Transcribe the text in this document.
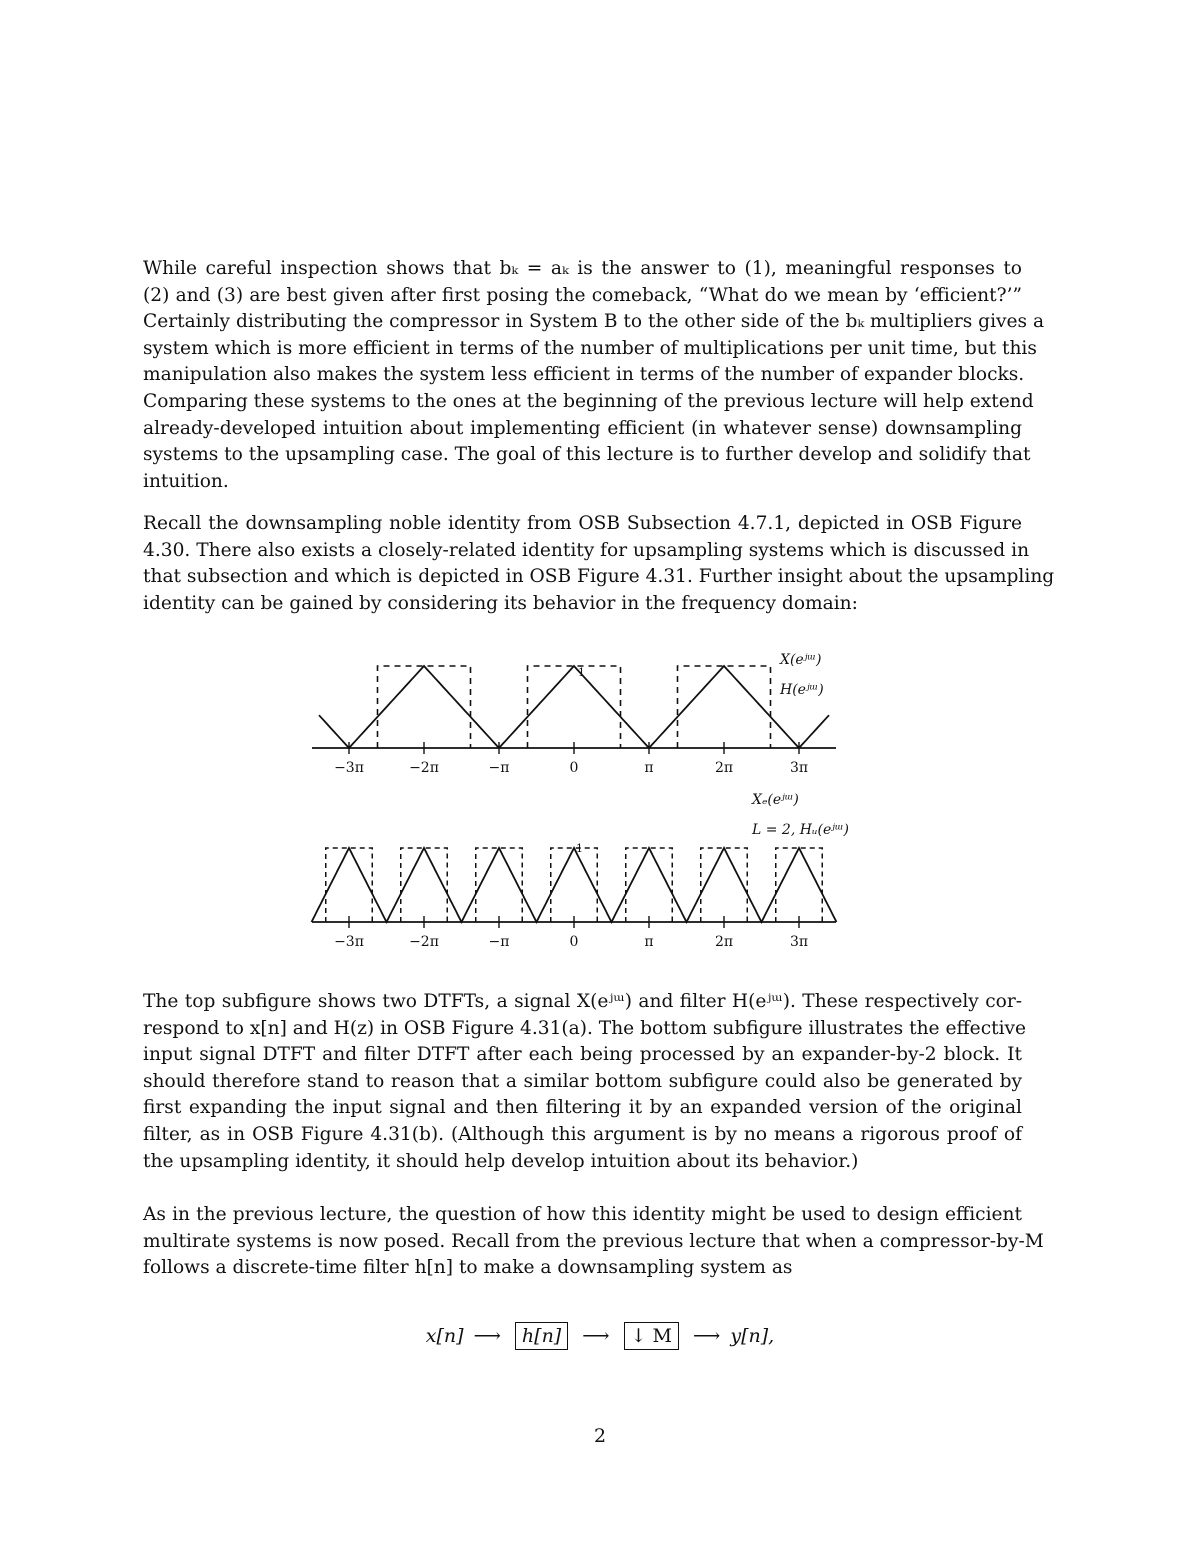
While careful inspection shows that bₖ = aₖ is the answer to (1), meaningful responses to
(2) and (3) are best given after first posing the comeback, “What do we mean by ‘efficient?’”
Certainly distributing the compressor in System B to the other side of the bₖ multipliers gives a
system which is more efficient in terms of the number of multiplications per unit time, but this
manipulation also makes the system less efficient in terms of the number of expander blocks.
Comparing these systems to the ones at the beginning of the previous lecture will help extend
already-developed intuition about implementing efficient (in whatever sense) downsampling
systems to the upsampling case. The goal of this lecture is to further develop and solidify that
intuition.
Recall the downsampling noble identity from OSB Subsection 4.7.1, depicted in OSB Figure
4.30. There also exists a closely-related identity for upsampling systems which is discussed in
that subsection and which is depicted in OSB Figure 4.31. Further insight about the upsampling
identity can be gained by considering its behavior in the frequency domain:
−3π	−2π	−π	0	π	2π	3π
X(eʲᵚ)
H(eʲᵚ)
1
−3π	−2π	−π	0	π	2π	3π
Xₑ(eʲᵚ)
L = 2, Hᵤ(eʲᵚ)
1
The top subfigure shows two DTFTs, a signal X(eʲᵚ) and filter H(eʲᵚ). These respectively cor-
respond to x[n] and H(z) in OSB Figure 4.31(a). The bottom subfigure illustrates the effective
input signal DTFT and filter DTFT after each being processed by an expander-by-2 block. It
should therefore stand to reason that a similar bottom subfigure could also be generated by
first expanding the input signal and then filtering it by an expanded version of the original
filter, as in OSB Figure 4.31(b). (Although this argument is by no means a rigorous proof of
the upsampling identity, it should help develop intuition about its behavior.)
As in the previous lecture, the question of how this identity might be used to design efficient
multirate systems is now posed. Recall from the previous lecture that when a compressor-by-M
follows a discrete-time filter h[n] to make a downsampling system as
x[n] ⟶ h[n] ⟶ ↓ M ⟶ y[n],
2
